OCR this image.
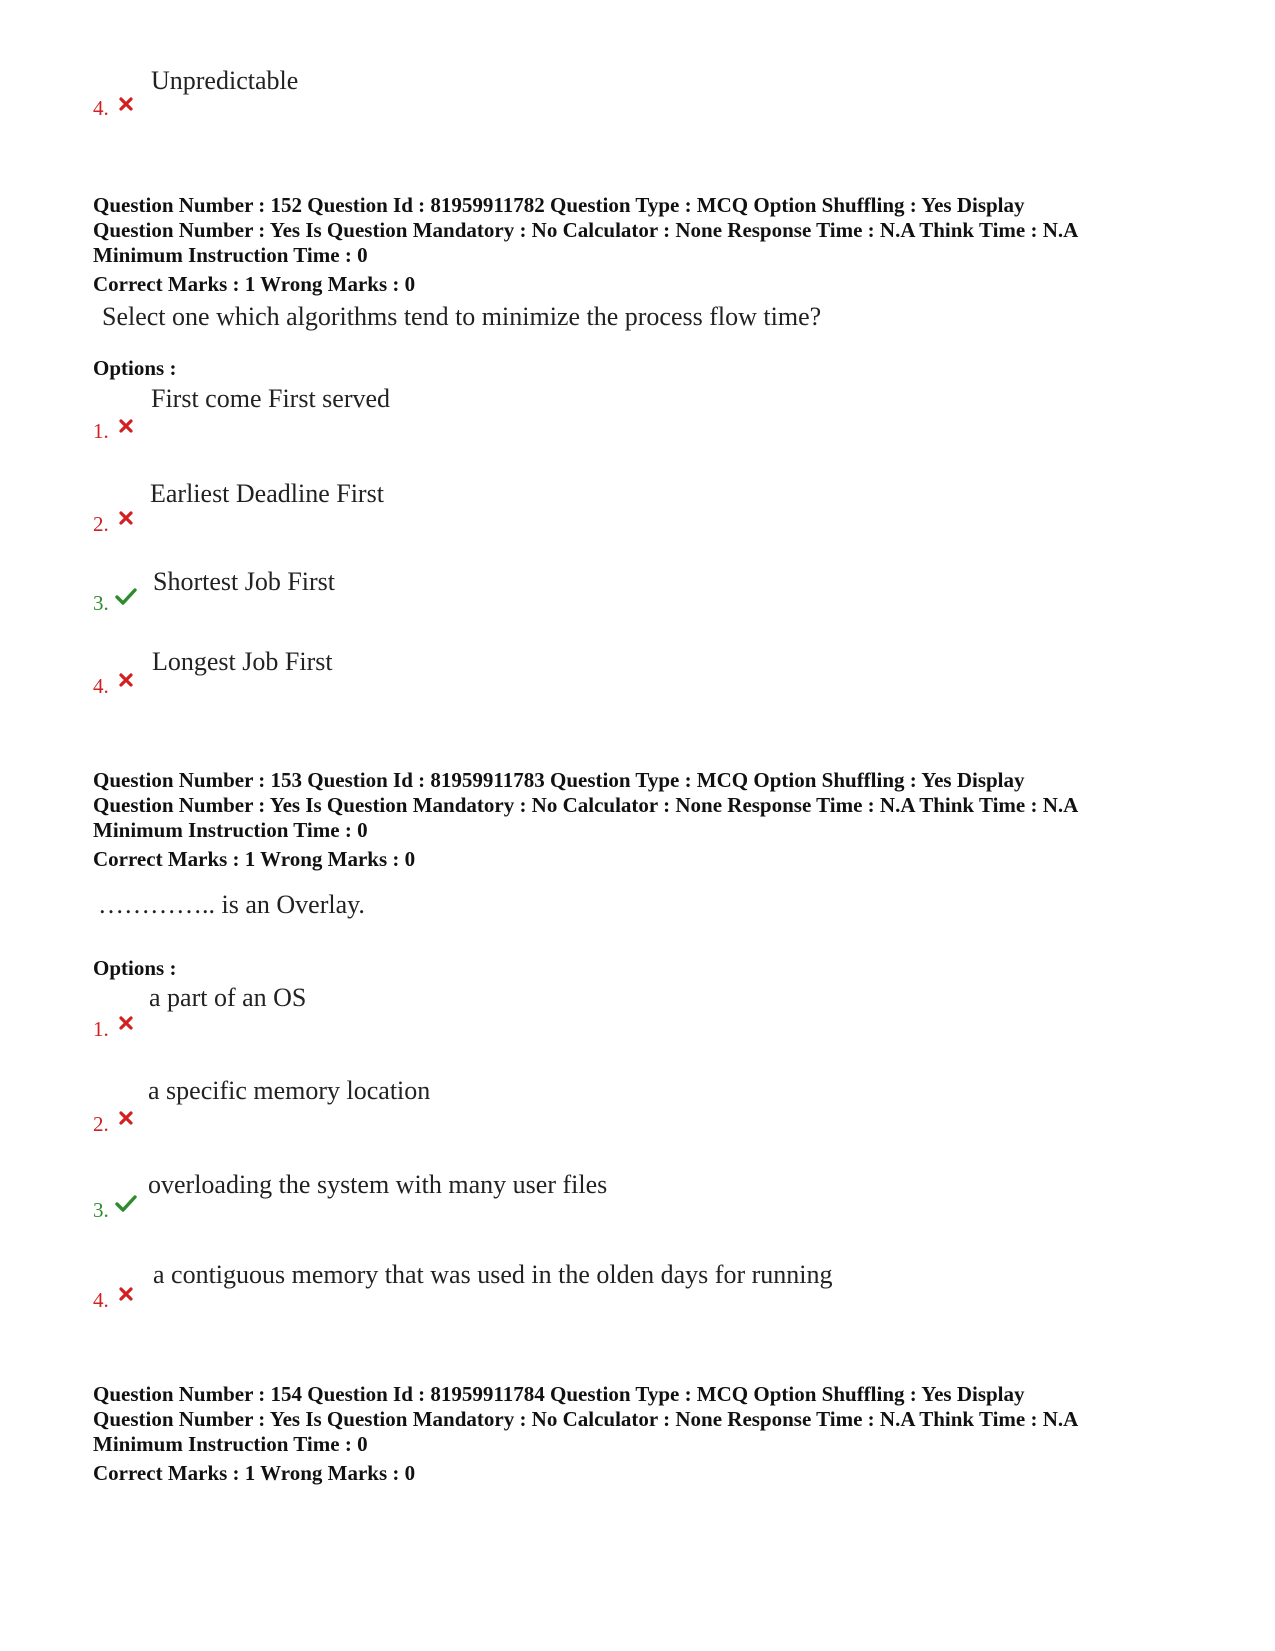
Unpredictable
4.
Question Number : 152 Question Id : 81959911782 Question Type : MCQ Option Shuffling : Yes Display
Question Number : Yes Is Question Mandatory : No Calculator : None Response Time : N.A Think Time : N.A
Minimum Instruction Time : 0
Correct Marks : 1 Wrong Marks : 0
Select one which algorithms tend to minimize the process flow time?
Options :
First come First served
1.
Earliest Deadline First
2.
Shortest Job First
3.
Longest Job First
4.
Question Number : 153 Question Id : 81959911783 Question Type : MCQ Option Shuffling : Yes Display
Question Number : Yes Is Question Mandatory : No Calculator : None Response Time : N.A Think Time : N.A
Minimum Instruction Time : 0
Correct Marks : 1 Wrong Marks : 0
………….. is an Overlay.
Options :
a part of an OS
1.
a specific memory location
2.
overloading the system with many user files
3.
a contiguous memory that was used in the olden days for running
4.
Question Number : 154 Question Id : 81959911784 Question Type : MCQ Option Shuffling : Yes Display
Question Number : Yes Is Question Mandatory : No Calculator : None Response Time : N.A Think Time : N.A
Minimum Instruction Time : 0
Correct Marks : 1 Wrong Marks : 0
